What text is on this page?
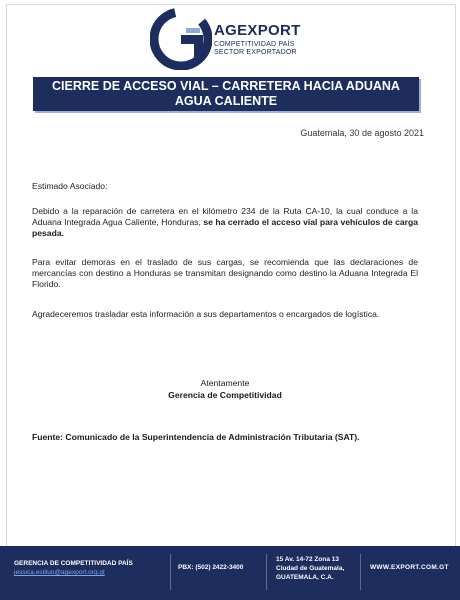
AGEXPORT
COMPETITIVIDAD PAÍS
SECTOR EXPORTADOR
CIERRE DE ACCESO VIAL – CARRETERA HACIA ADUANA
AGUA CALIENTE
Guatemala, 30 de agosto 2021
Estimado Asociado:
Debido a la reparación de carretera en el kilómetro 234 de la Ruta CA-10, la cual conduce a la Aduana Integrada Agua Caliente, Honduras, se ha cerrado el acceso vial para vehículos de carga pesada.
Para evitar demoras en el traslado de sus cargas, se recomienda que las declaraciones de mercancías con destino a Honduras se transmitan designando como destino la Aduana Integrada El Florido.
Agradeceremos trasladar esta información a sus departamentos o encargados de logística.
Atentamente
Gerencia de Competitividad
Fuente: Comunicado de la Superintendencia de Administración Tributaria (SAT).
GERENCIA DE COMPETITIVIDAD PAÍS
jessica.estiluo@agexport.org.gt
PBX: (502) 2422-3400
15 Av. 14-72 Zona 13
Ciudad de Guatemala,
GUATEMALA, C.A.
WWW.EXPORT.COM.GT
